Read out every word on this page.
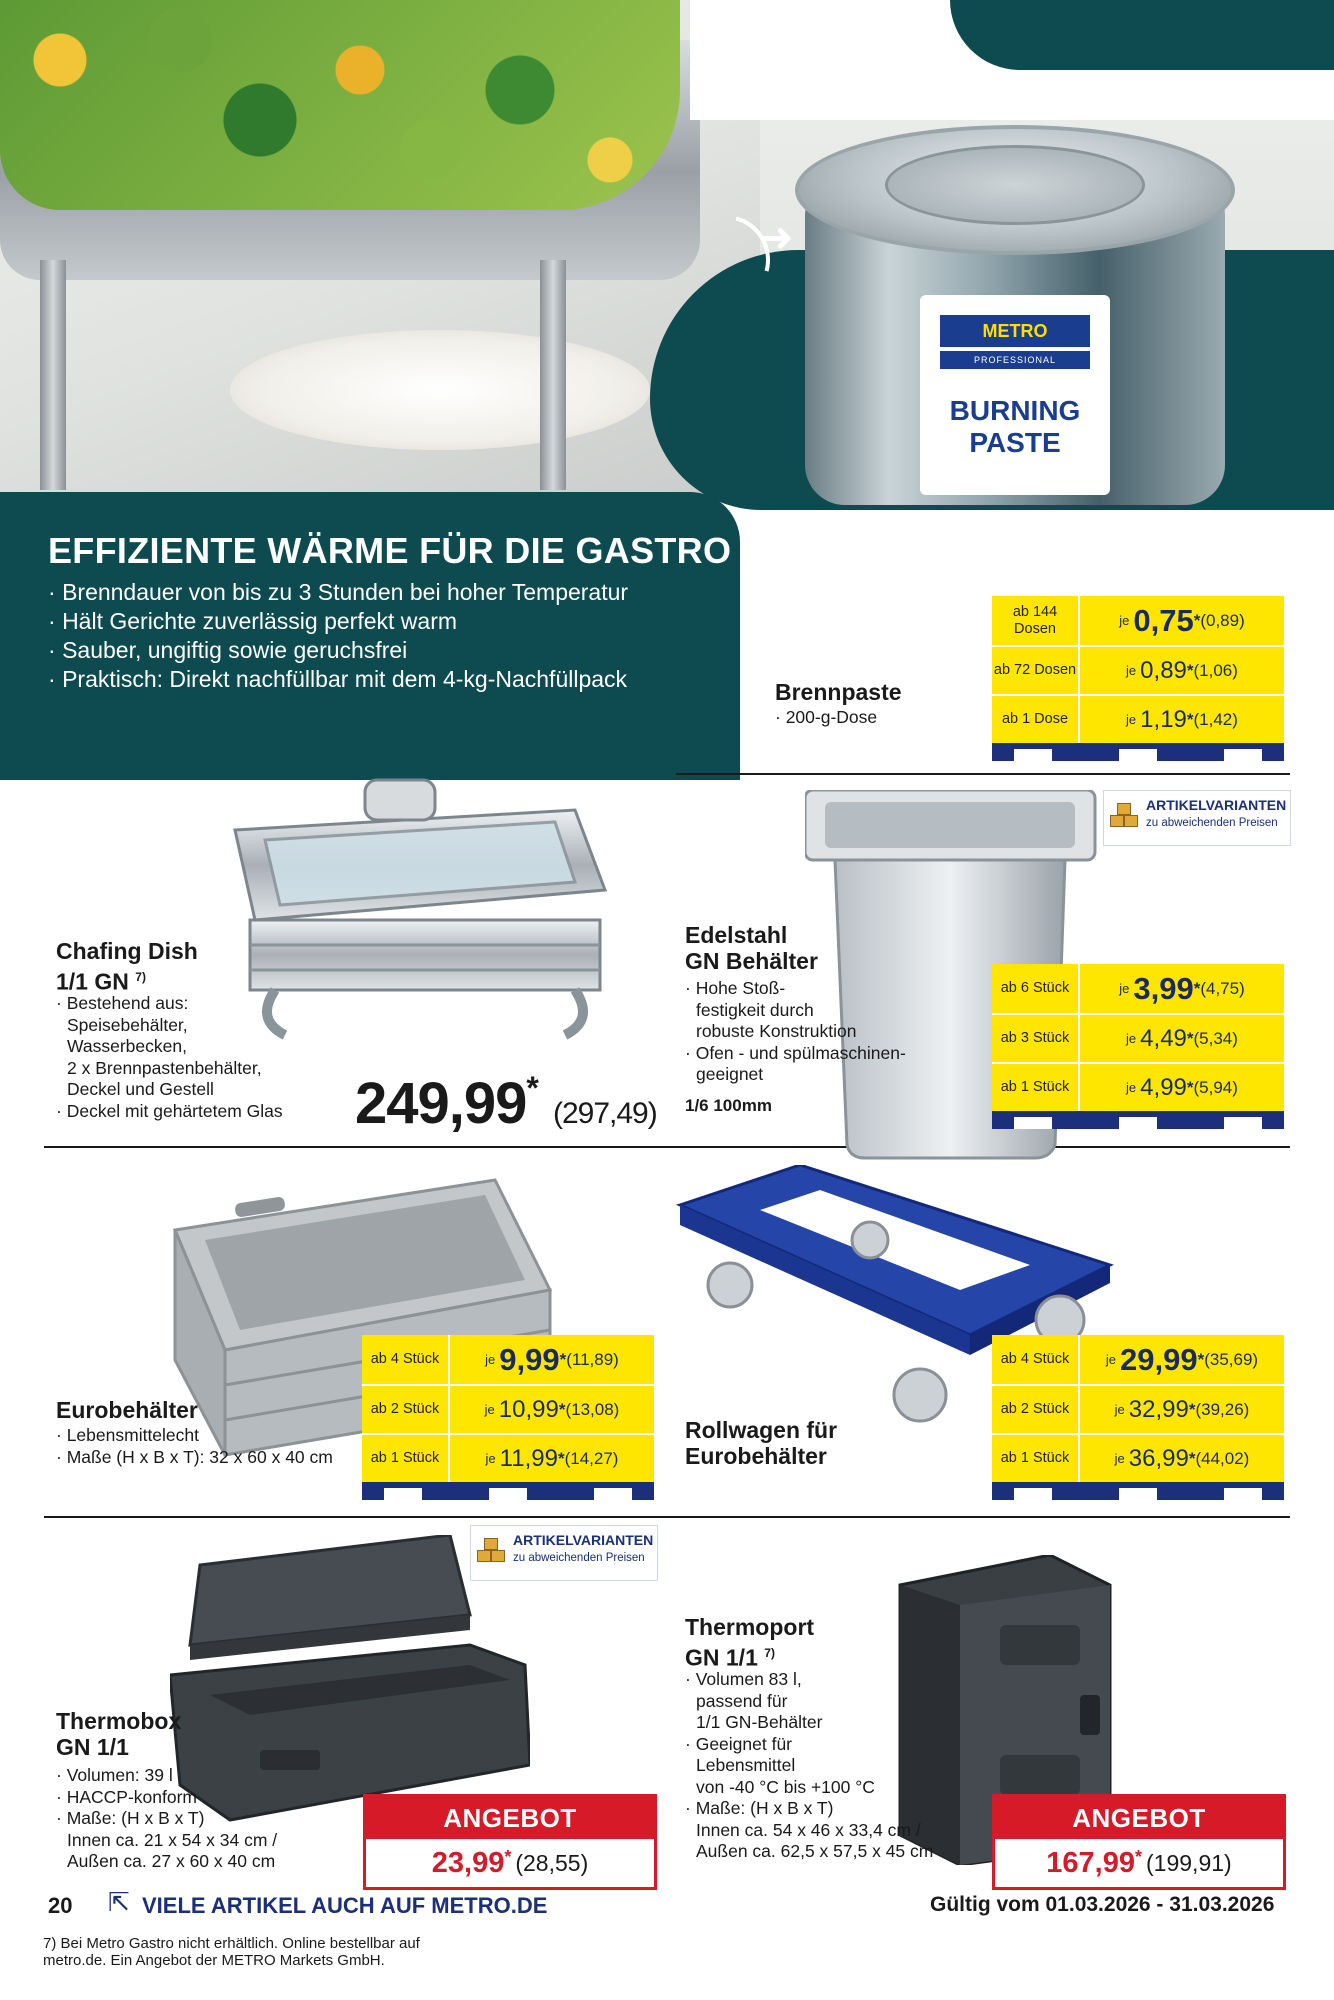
➜
METRO
PROFESSIONAL
BURNING
PASTE
EFFIZIENTE WÄRME FÜR DIE GASTRO
· Brenndauer von bis zu 3 Stunden bei hoher Temperatur
· Hält Gerichte zuverlässig perfekt warm
· Sauber, ungiftig sowie geruchsfrei
· Praktisch: Direkt nachfüllbar mit dem 4-kg-Nachfüllpack	Brennpaste
· 200-g-Dose
ab 144 Dosen	je 0,75 * (0,89)
ab 72 Dosen	je 0,89 * (1,06)
ab 1 Dose	je 1,19 * (1,42)
Chafing Dish
1/1 GN $^{7)}$
· Bestehend aus:
Speisebehälter,
Wasserbecken,
2 x Brennpastenbehälter,
Deckel und Gestell
· Deckel mit gehärtetem Glas 249,99* (297,49)
ARTIKELVARIANTEN
zu abweichenden Preisen
Edelstahl
GN Behälter
· Hohe Stoß-
festigkeit durch
robuste Konstruktion
· Ofen - und spülmaschinen-
geeignet
1/6 100mm
ab 6 Stück	je 3,99 * (4,75)
ab 3 Stück	je 4,49 * (5,34)
ab 1 Stück	je 4,99 * (5,94)
Eurobehälter
· Lebensmittelecht
· Maße (H x B x T): 32 x 60 x 40 cm
ab 4 Stück	je 9,99 * (11,89)
ab 2 Stück	je 10,99 * (13,08)
ab 1 Stück	je 11,99 * (14,27)
Rollwagen für
Eurobehälter
ab 4 Stück	je 29,99 * (35,69)
ab 2 Stück	je 32,99 * (39,26)
ab 1 Stück	je 36,99 * (44,02)
ARTIKELVARIANTEN
zu abweichenden Preisen
Thermobox
GN 1/1
· Volumen: 39 l
· HACCP-konform
· Maße: (H x B x T)
Innen ca. 21 x 54 x 34 cm /
Außen ca. 27 x 60 x 40 cm
ANGEBOT
23,99* (28,55)
Thermoport
GN 1/1 $^{7)}$
· Volumen 83 l,
passend für
1/1 GN-Behälter
· Geeignet für
Lebensmittel
von -40 °C bis +100 °C
· Maße: (H x B x T)
Innen ca. 54 x 46 x 33,4 cm /
Außen ca. 62,5 x 57,5 x 45 cm
ANGEBOT
167,99* (199,91)
20 ⇱ VIELE ARTIKEL AUCH AUF METRO.DE	Gültig vom 01.03.2026 - 31.03.2026
7) Bei Metro Gastro nicht erhältlich. Online bestellbar auf metro.de. Ein Angebot der METRO Markets GmbH.
